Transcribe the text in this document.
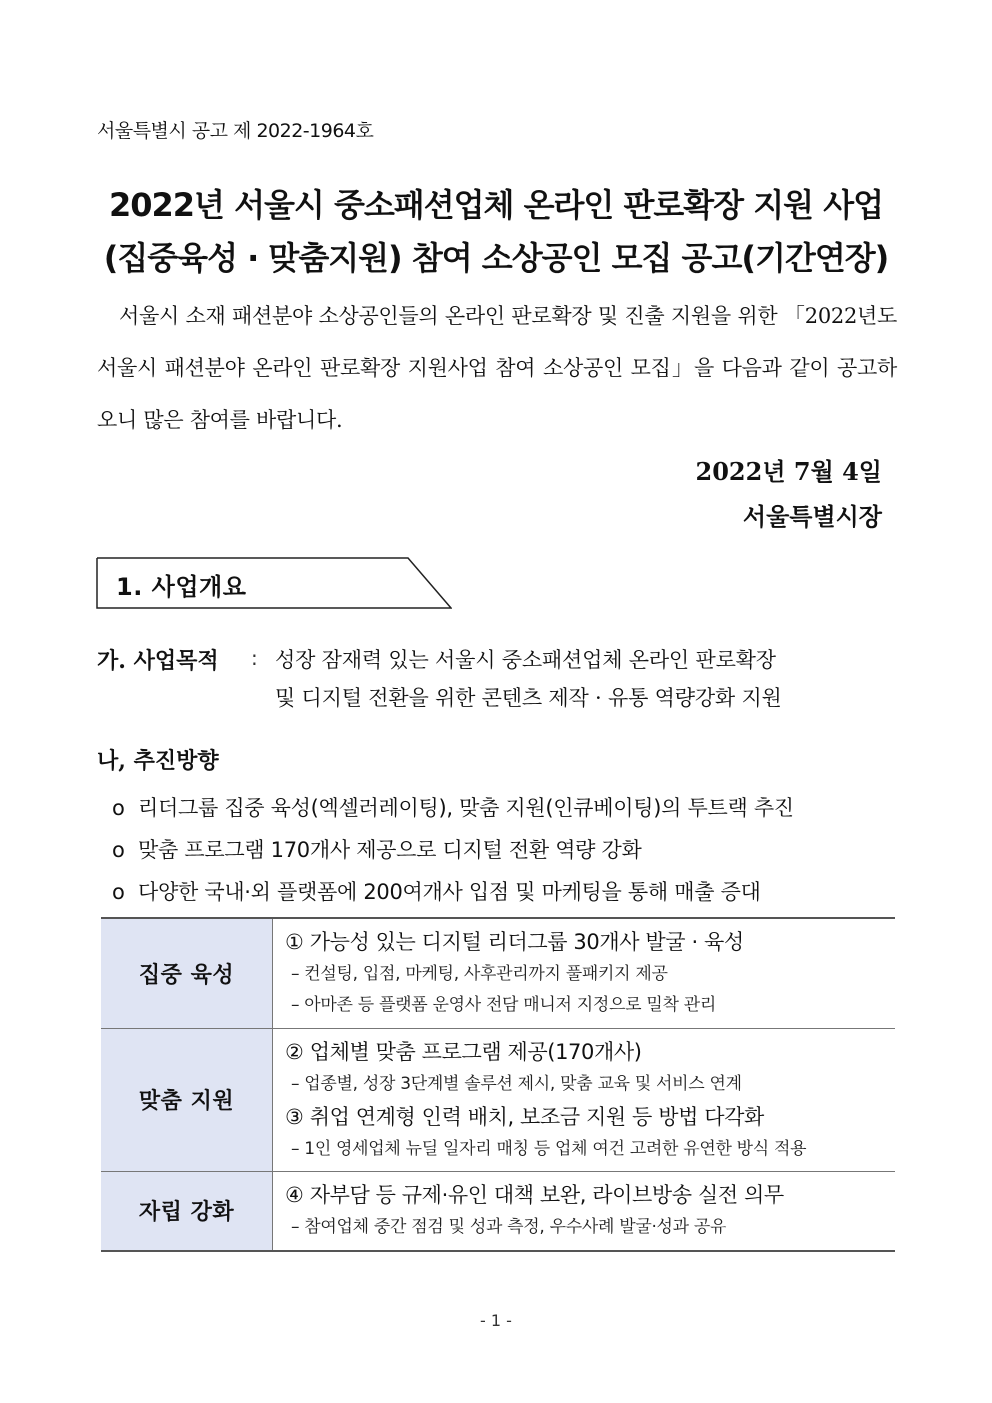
서울특별시 공고 제 2022-1964호
2022년 서울시 중소패션업체 온라인 판로확장 지원 사업
(집중육성 · 맞춤지원) 참여 소상공인 모집 공고(기간연장)
서울시 소재 패션분야 소상공인들의 온라인 판로확장 및 진출 지원을 위한 「2022년도 서울시 패션분야 온라인 판로확장 지원사업 참여 소상공인 모집」을 다음과 같이 공고하오니 많은 참여를 바랍니다.
2022년 7월 4일
서울특별시장
1. 사업개요
가. 사업목적 : 성장 잠재력 있는 서울시 중소패션업체 온라인 판로확장
및 디지털 전환을 위한 콘텐츠 제작 · 유통 역량강화 지원
나, 추진방향
o 리더그룹 집중 육성(엑셀러레이팅), 맞춤 지원(인큐베이팅)의 투트랙 추진
o 맞춤 프로그램 170개사 제공으로 디지털 전환 역량 강화
o 다양한 국내·외 플랫폼에 200여개사 입점 및 마케팅을 통해 매출 증대
집중 육성	① 가능성 있는 디지털 리더그룹 30개사 발굴 · 육성
– 컨설팅, 입점, 마케팅, 사후관리까지 풀패키지 제공
– 아마존 등 플랫폼 운영사 전담 매니저 지정으로 밀착 관리

맞춤 지원	② 업체별 맞춤 프로그램 제공(170개사)
– 업종별, 성장 3단계별 솔루션 제시, 맞춤 교육 및 서비스 연계
③ 취업 연계형 인력 배치, 보조금 지원 등 방법 다각화
– 1인 영세업체 뉴딜 일자리 매칭 등 업체 여건 고려한 유연한 방식 적용

자립 강화	④ 자부담 등 규제·유인 대책 보완, 라이브방송 실전 의무
– 참여업체 중간 점검 및 성과 측정, 우수사례 발굴·성과 공유
- 1 -
